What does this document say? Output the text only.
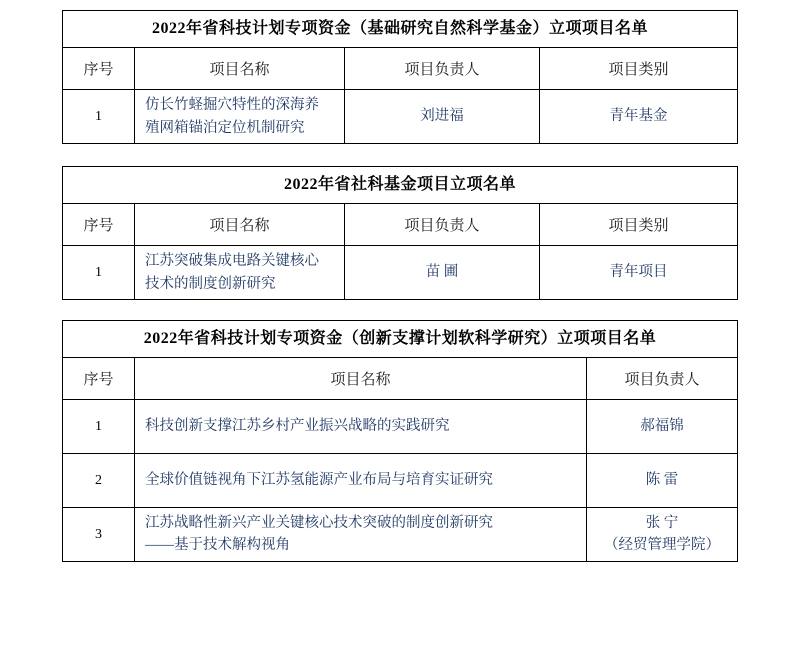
2022年省科技计划专项资金（基础研究自然科学基金）立项项目名单			
序号	项目名称	项目负责人	项目类别
1	仿长竹蛏掘穴特性的深海养
殖网箱锚泊定位机制研究	刘进福	青年基金
2022年省社科基金项目立项名单			
序号	项目名称	项目负责人	项目类别
1	江苏突破集成电路关键核心
技术的制度创新研究	苗 圃	青年项目
2022年省科技计划专项资金（创新支撑计划软科学研究）立项项目名单		
序号	项目名称	项目负责人
1	科技创新支撑江苏乡村产业振兴战略的实践研究	郝福锦

2	全球价值链视角下江苏氢能源产业布局与培育实证研究	陈 雷

3	江苏战略性新兴产业关键核心技术突破的制度创新研究
——基于技术解构视角	张 宁
（经贸管理学院）
